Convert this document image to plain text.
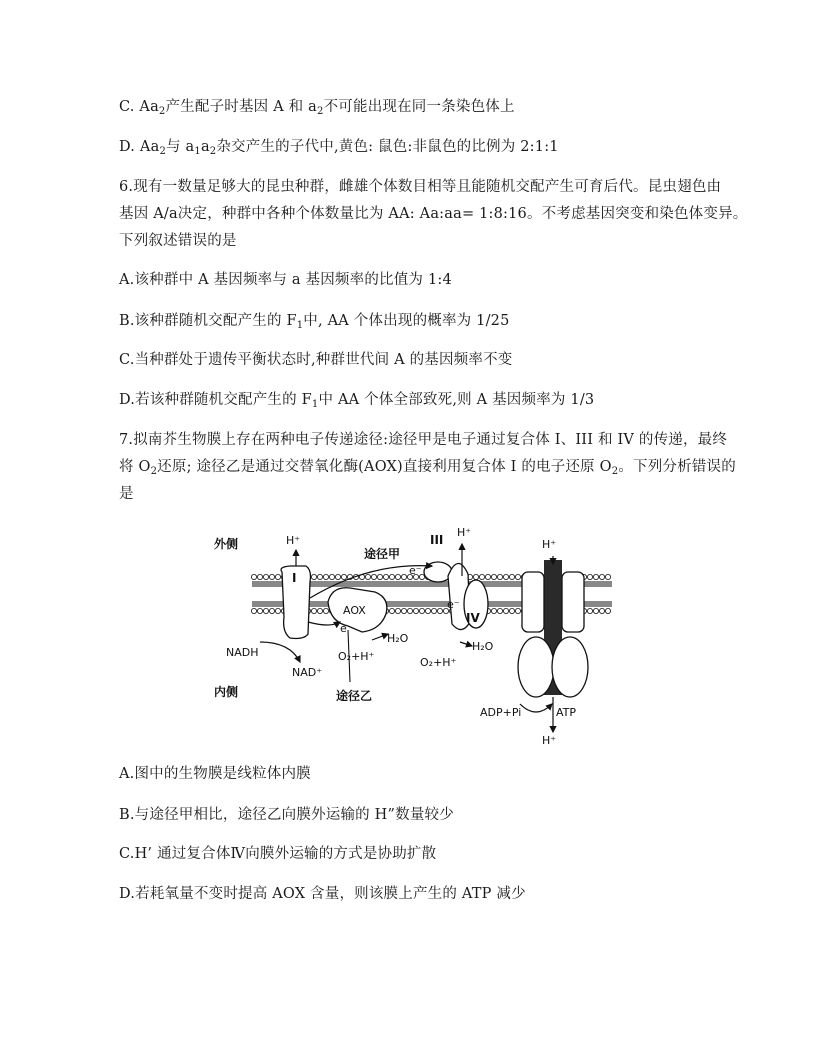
C. $Aa_2$产生配子时基因 A 和 $a_2$不可能出现在同一条染色体上
D. $Aa_2$与 $a_1a_2$杂交产生的子代中,黄色: 鼠色:非鼠色的比例为 2:1:1
6.现有一数量足够大的昆虫种群，雌雄个体数目相等且能随机交配产生可育后代。昆虫翅色由
基因 A/a决定，种群中各种个体数量比为 AA: Aa:aa= 1:8:16。不考虑基因突变和染色体变异。
下列叙述错误的是
A.该种群中 A 基因频率与 a 基因频率的比值为 1:4
B.该种群随机交配产生的 $F_1$中, AA 个体出现的概率为 1/25
C.当种群处于遗传平衡状态时,种群世代间 A 的基因频率不变
D.若该种群随机交配产生的 $F_1$中 AA 个体全部致死,则 A 基因频率为 1/3
7.拟南芥生物膜上存在两种电子传递途径:途径甲是电子通过复合体 I、III 和 IV 的传递，最终
将 $O_2$还原; 途径乙是通过交替氧化酶(AOX)直接利用复合体 I 的电子还原 $O_2$。下列分析错误的
是
I
AOX
III
IV
外侧
内侧
途径甲
途径乙
H⁺
H⁺
H⁺
H⁺
NADH
NAD⁺
O₂+H⁺
H₂O
O₂+H⁺
H₂O
e⁻
e⁻
e
ADP+Pi	ATP
A.图中的生物膜是线粒体内膜
B.与途径甲相比，途径乙向膜外运输的 H”数量较少
C.H’ 通过复合体Ⅳ向膜外运输的方式是协助扩散
D.若耗氧量不变时提高 AOX 含量，则该膜上产生的 ATP 减少
